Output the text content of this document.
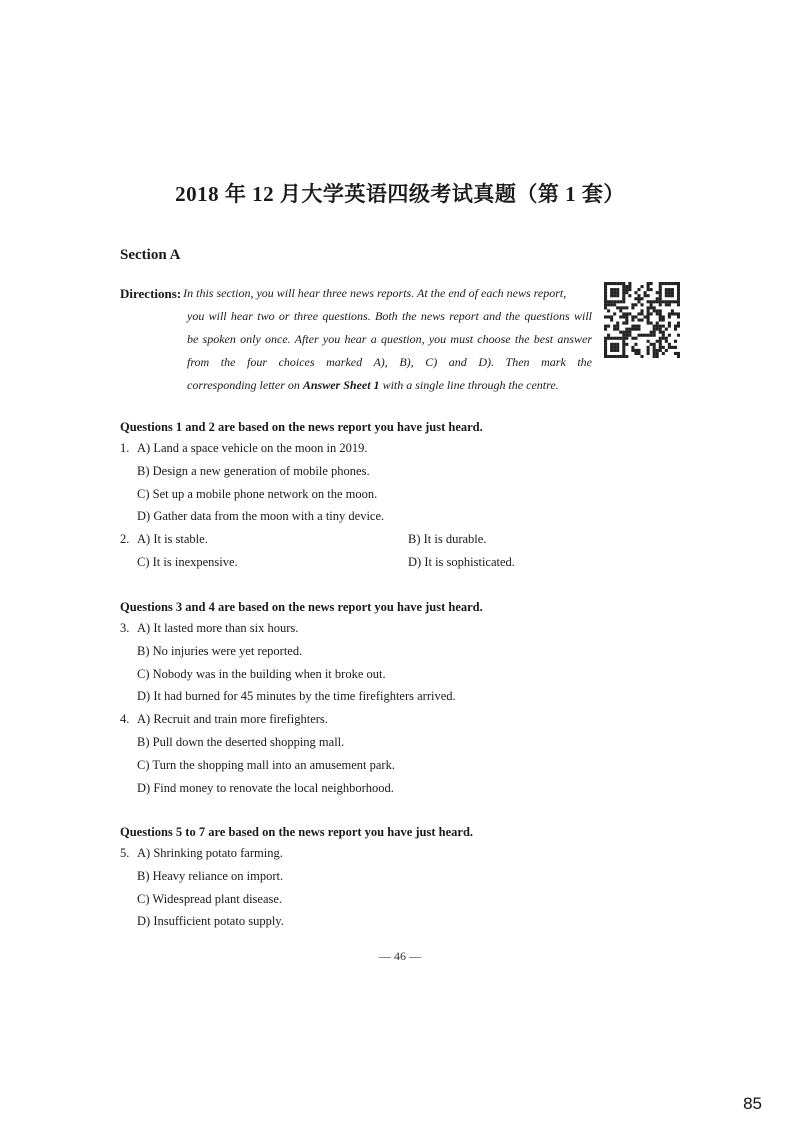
2018 年 12 月大学英语四级考试真题（第 1 套）
Section A
Directions: In this section, you will hear three news reports. At the end of each news report,
you will hear two or three questions. Both the news report and the questions will
be spoken only once. After you hear a question, you must choose the best answer
from the four choices marked A), B), C) and D). Then mark the
corresponding letter on Answer Sheet 1 with a single line through the centre.
Questions 1 and 2 are based on the news report you have just heard.
1. A) Land a space vehicle on the moon in 2019.
B) Design a new generation of mobile phones.
C) Set up a mobile phone network on the moon.
D) Gather data from the moon with a tiny device.
2. A) It is stable.	B) It is durable.
C) It is inexpensive.	D) It is sophisticated.
Questions 3 and 4 are based on the news report you have just heard.
3. A) It lasted more than six hours.
B) No injuries were yet reported.
C) Nobody was in the building when it broke out.
D) It had burned for 45 minutes by the time firefighters arrived.
4. A) Recruit and train more firefighters.
B) Pull down the deserted shopping mall.
C) Turn the shopping mall into an amusement park.
D) Find money to renovate the local neighborhood.
Questions 5 to 7 are based on the news report you have just heard.
5. A) Shrinking potato farming.
B) Heavy reliance on import.
C) Widespread plant disease.
D) Insufficient potato supply.
— 46 —
85
